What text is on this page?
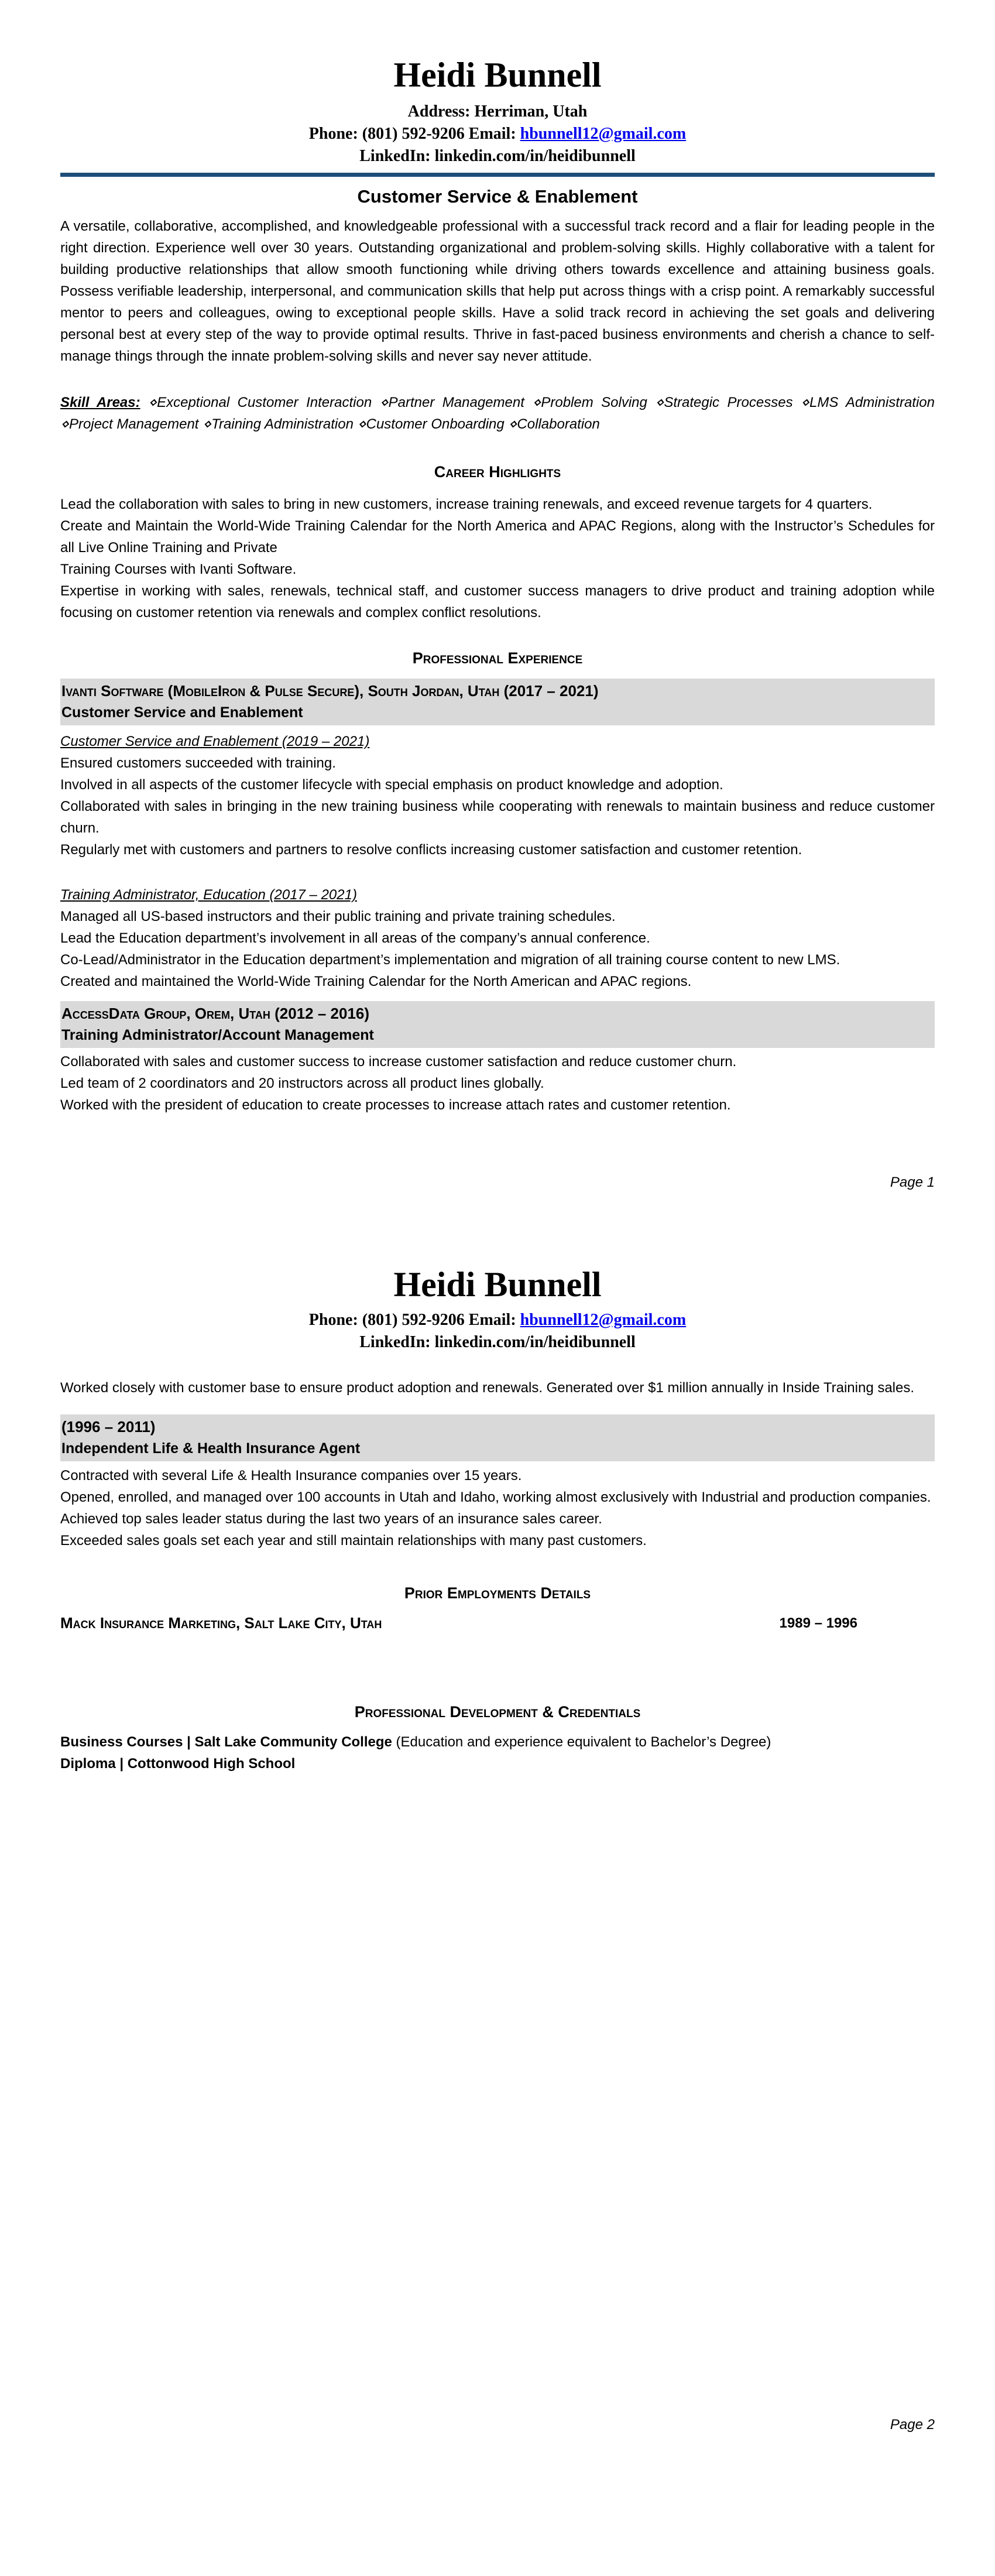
Heidi Bunnell
Address: Herriman, Utah
Phone: (801) 592-9206 Email: hbunnell12@gmail.com
LinkedIn: linkedin.com/in/heidibunnell
Customer Service & Enablement

A versatile, collaborative, accomplished, and knowledgeable professional with a successful track record and a flair for leading people in the right direction. Experience well over 30 years. Outstanding organizational and problem-solving skills. Highly collaborative with a talent for building productive relationships that allow smooth functioning while driving others towards excellence and attaining business goals. Possess verifiable leadership, interpersonal, and communication skills that help put across things with a crisp point. A remarkably successful mentor to peers and colleagues, owing to exceptional people skills. Have a solid track record in achieving the set goals and delivering personal best at every step of the way to provide optimal results. Thrive in fast-paced business environments and cherish a chance to self-manage things through the innate problem-solving skills and never say never attitude.

Skill Areas: ⋄Exceptional Customer Interaction ⋄Partner Management ⋄Problem Solving ⋄Strategic Processes ⋄LMS Administration ⋄Project Management ⋄Training Administration ⋄Customer Onboarding ⋄Collaboration

Career Highlights

Lead the collaboration with sales to bring in new customers, increase training renewals, and exceed revenue targets for 4 quarters.

Create and Maintain the World-Wide Training Calendar for the North America and APAC Regions, along with the Instructor’s Schedules for all Live Online Training and Private

Training Courses with Ivanti Software.

Expertise in working with sales, renewals, technical staff, and customer success managers to drive product and training adoption while focusing on customer retention via renewals and complex conflict resolutions.

Professional Experience
Ivanti Software (MobileIron & Pulse Secure), South Jordan, Utah (2017 – 2021)
Customer Service and Enablement

Customer Service and Enablement (2019 – 2021)

Ensured customers succeeded with training.

Involved in all aspects of the customer lifecycle with special emphasis on product knowledge and adoption.

Collaborated with sales in bringing in the new training business while cooperating with renewals to maintain business and reduce customer churn.

Regularly met with customers and partners to resolve conflicts increasing customer satisfaction and customer retention.

Training Administrator, Education (2017 – 2021)

Managed all US-based instructors and their public training and private training schedules.

Lead the Education department’s involvement in all areas of the company’s annual conference.

Co-Lead/Administrator in the Education department’s implementation and migration of all training course content to new LMS.

Created and maintained the World-Wide Training Calendar for the North American and APAC regions.

AccessData Group, Orem, Utah (2012 – 2016)
Training Administrator/Account Management

Collaborated with sales and customer success to increase customer satisfaction and reduce customer churn.

Led team of 2 coordinators and 20 instructors across all product lines globally.

Worked with the president of education to create processes to increase attach rates and customer retention.

Page 1
Heidi Bunnell
Phone: (801) 592-9206 Email: hbunnell12@gmail.com
LinkedIn: linkedin.com/in/heidibunnell

Worked closely with customer base to ensure product adoption and renewals. Generated over $1 million annually in Inside Training sales.

(1996 – 2011)
Independent Life & Health Insurance Agent

Contracted with several Life & Health Insurance companies over 15 years.

Opened, enrolled, and managed over 100 accounts in Utah and Idaho, working almost exclusively with Industrial and production companies.

Achieved top sales leader status during the last two years of an insurance sales career.

Exceeded sales goals set each year and still maintain relationships with many past customers.

Prior Employments Details
Mack Insurance Marketing, Salt Lake City, Utah	1989 – 1996
Professional Development & Credentials

Business Courses | Salt Lake Community College (Education and experience equivalent to Bachelor’s Degree)

Diploma | Cottonwood High School

Page 2
